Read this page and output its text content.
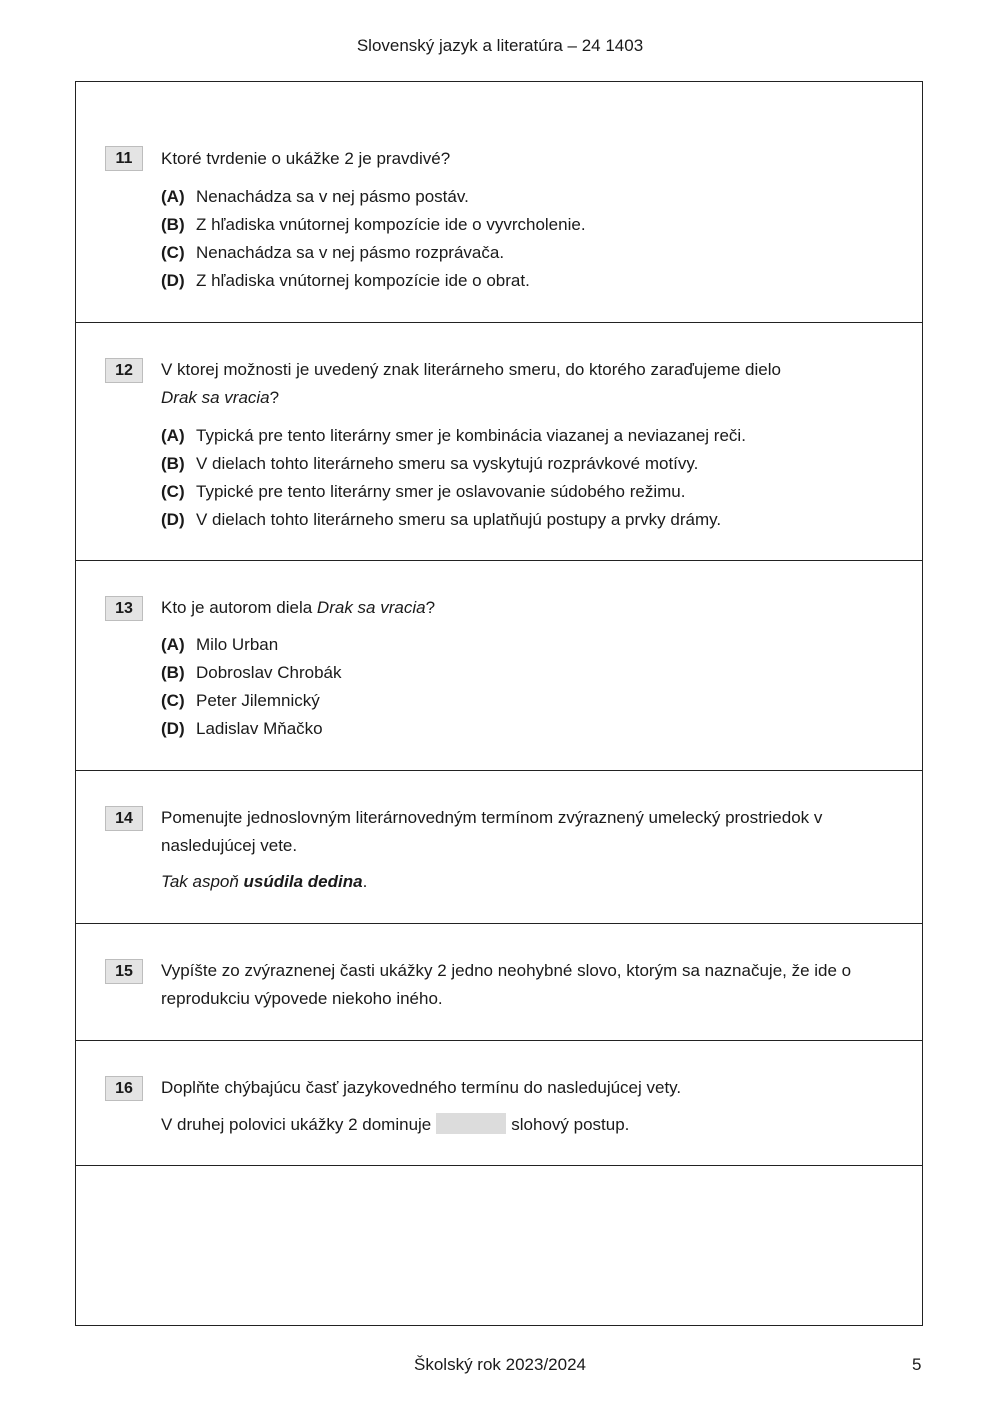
Slovenský jazyk a literatúra – 24 1403
11	Ktoré tvrdenie o ukážke 2 je pravdivé?
(A) Nenachádza sa v nej pásmo postáv.
(B) Z hľadiska vnútornej kompozície ide o vyvrcholenie.
(C) Nenachádza sa v nej pásmo rozprávača.
(D) Z hľadiska vnútornej kompozície ide o obrat.
12	V ktorej možnosti je uvedený znak literárneho smeru, do ktorého zaraďujeme dielo
Drak sa vracia?
(A) Typická pre tento literárny smer je kombinácia viazanej a neviazanej reči.
(B) V dielach tohto literárneho smeru sa vyskytujú rozprávkové motívy.
(C) Typické pre tento literárny smer je oslavovanie súdobého režimu.
(D) V dielach tohto literárneho smeru sa uplatňujú postupy a prvky drámy.
13	Kto je autorom diela Drak sa vracia?
(A) Milo Urban
(B) Dobroslav Chrobák
(C) Peter Jilemnický
(D) Ladislav Mňačko
14	Pomenujte jednoslovným literárnovedným termínom zvýraznený umelecký prostriedok v nasledujúcej vete.
Tak aspoň usúdila dedina.
15	Vypíšte zo zvýraznenej časti ukážky 2 jedno neohybné slovo, ktorým sa naznačuje, že ide o reprodukciu výpovede niekoho iného.
16	Doplňte chýbajúcu časť jazykovedného termínu do nasledujúcej vety.
V druhej polovici ukážky 2 dominuje	slohový postup.
Školský rok 2023/2024	5
